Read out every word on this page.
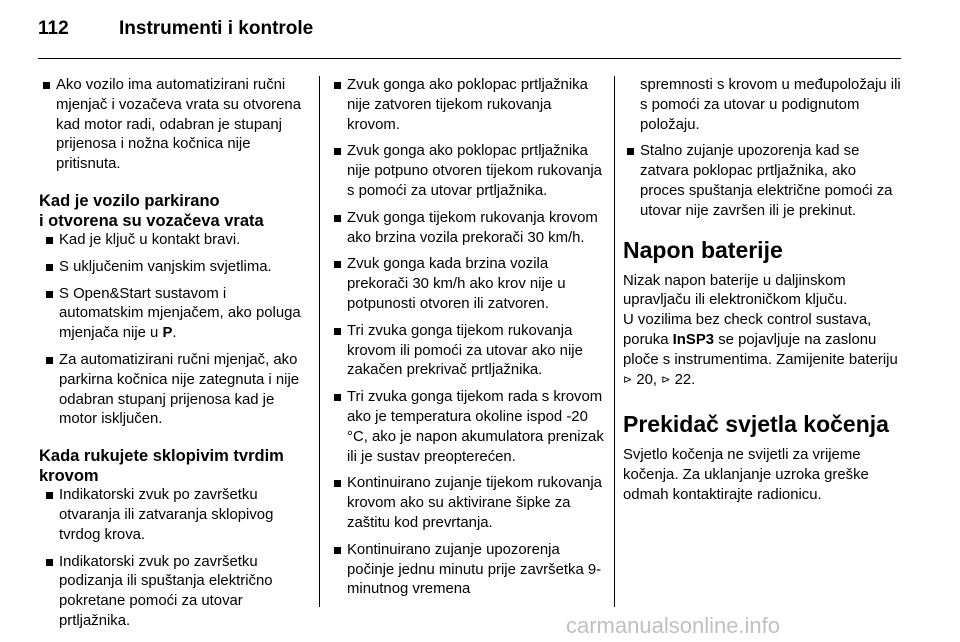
112	Instrumenti i kontrole
Ako vozilo ima automatizirani ručni mjenjač i vozačeva vrata su otvorena kad motor radi, odabran je stupanj prijenosa i nožna kočnica nije pritisnuta.
Kad je vozilo parkirano
i otvorena su vozačeva vrata
Kad je ključ u kontakt bravi.
S uključenim vanjskim svjetlima.
S Open&Start sustavom i automatskim mjenjačem, ako poluga mjenjača nije u P.
Za automatizirani ručni mjenjač, ako parkirna kočnica nije zategnuta i nije odabran stupanj prijenosa kad je motor isključen.
Kada rukujete sklopivim tvrdim krovom
Indikatorski zvuk po završetku otvaranja ili zatvaranja sklopivog tvrdog krova.
Indikatorski zvuk po završetku podizanja ili spuštanja električno pokretane pomoći za utovar prtljažnika.
Zvuk gonga ako poklopac prtljažnika nije zatvoren tijekom rukovanja krovom.
Zvuk gonga ako poklopac prtljažnika nije potpuno otvoren tijekom rukovanja s pomoći za utovar prtljažnika.
Zvuk gonga tijekom rukovanja krovom ako brzina vozila prekorači 30 km/h.
Zvuk gonga kada brzina vozila prekorači 30 km/h ako krov nije u potpunosti otvoren ili zatvoren.
Tri zvuka gonga tijekom rukovanja krovom ili pomoći za utovar ako nije zakačen prekrivač prtljažnika.
Tri zvuka gonga tijekom rada s krovom ako je temperatura okoline ispod -20 °C, ako je napon akumulatora prenizak ili je sustav preopterećen.
Kontinuirano zujanje tijekom rukovanja krovom ako su aktivirane šipke za zaštitu kod prevrtanja.
Kontinuirano zujanje upozorenja počinje jednu minutu prije završetka 9-minutnog vremena

spremnosti s krovom u međupoložaju ili s pomoći za utovar u podignutom položaju.

Stalno zujanje upozorenja kad se zatvara poklopac prtljažnika, ako proces spuštanja električne pomoći za utovar nije završen ili je prekinut.
Napon baterije

Nizak napon baterije u daljinskom upravljaču ili elektroničkom ključu.

U vozilima bez check control sustava, poruka InSP3 se pojavljuje na zaslonu ploče s instrumentima. Zamijenite bateriju ⊳ 20, ⊳ 22.

Prekidač svjetla kočenja

Svjetlo kočenja ne svijetli za vrijeme kočenja. Za uklanjanje uzroka greške odmah kontaktirajte radionicu.

carmanualsonline.info
